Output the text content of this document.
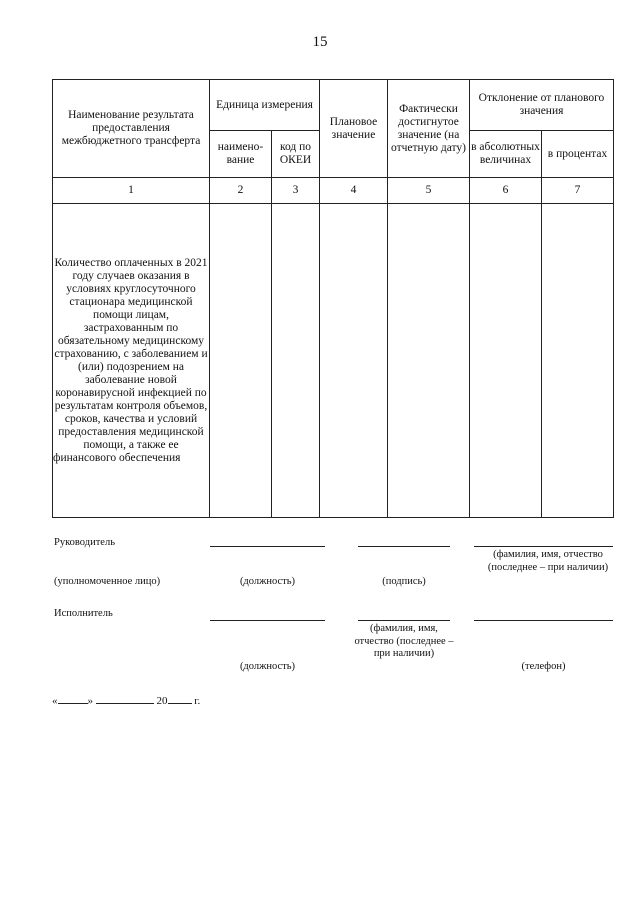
15
Наименование результата предоставления межбюджетного трансферта	Единица измерения		Плановое значение	Фактически достигнутое значение (на отчетную дату)	Отклонение от планового значения	
	наимено-вание	код по ОКЕИ			в абсолютных величинах	в процентах
1	2	3	4	5	6	7
Количество оплаченных в 2021 году случаев оказания в условиях круглосуточного стационара медицинской помощи лицам, застрахованным по обязательному медицинскому страхованию, с заболеванием и (или) подозрением на заболевание новой коронавирусной инфекцией по результатам контроля объемов, сроков, качества и условий предоставления медицинской помощи, а также ее финансового обеспечения						
Руководитель
(уполномоченное лицо)	(должность)	(подпись)
(фамилия, имя, отчество (последнее – при наличии)
Исполнитель
(должность)
(фамилия, имя, отчество (последнее – при наличии)
(телефон)
«	»	20 г.
